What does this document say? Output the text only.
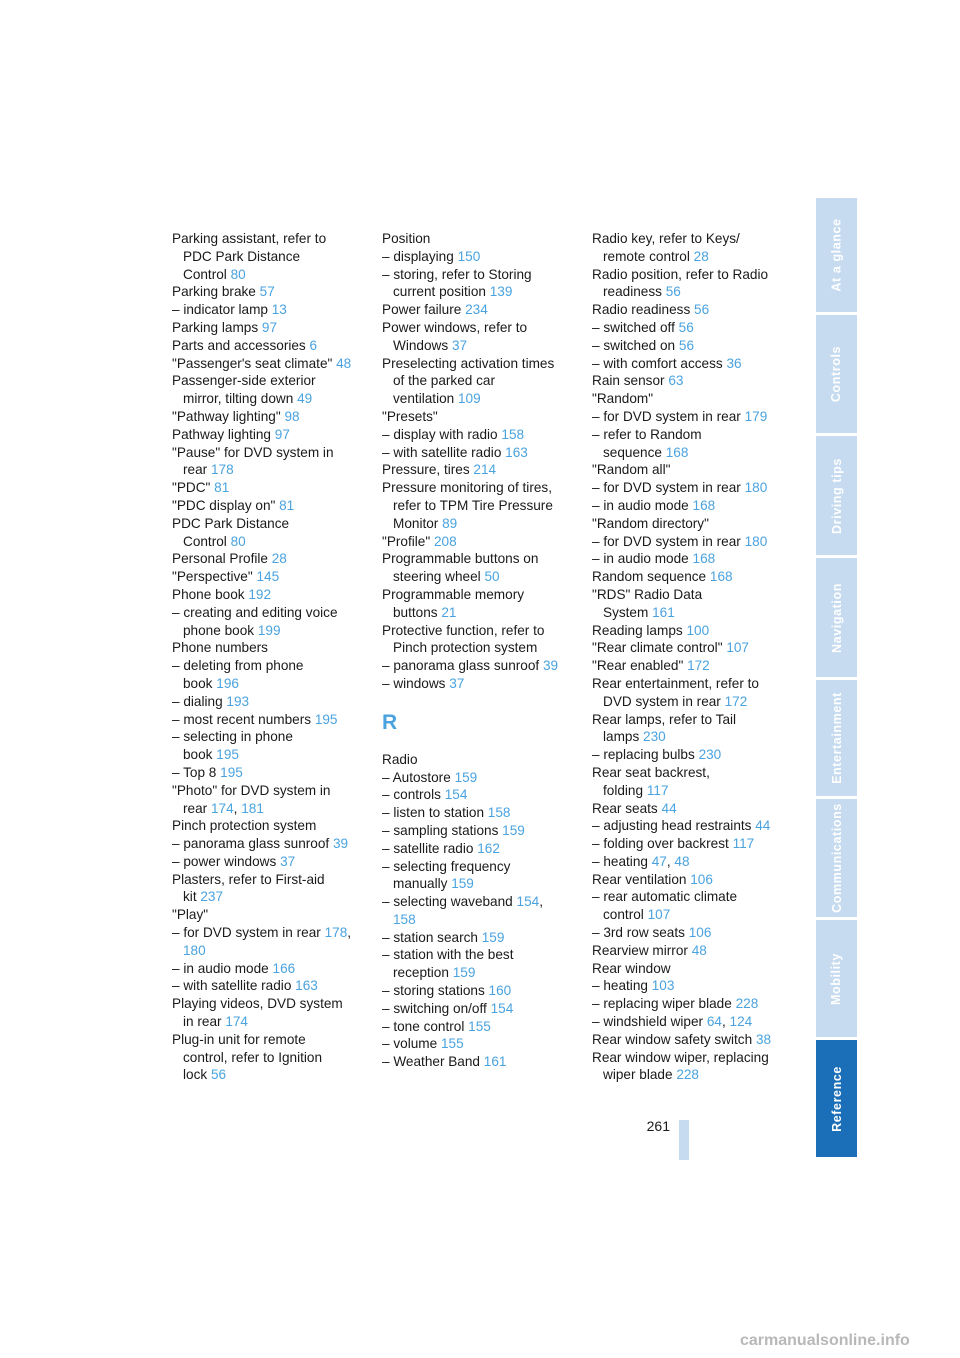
Parking assistant, refer to PDC Park Distance Control 80
Parking brake 57
– indicator lamp 13
Parking lamps 97
Parts and accessories 6
"Passenger's seat climate" 48
Passenger-side exterior mirror, tilting down 49
"Pathway lighting" 98
Pathway lighting 97
"Pause" for DVD system in rear 178
"PDC" 81
"PDC display on" 81
PDC Park Distance Control 80
Personal Profile 28
"Perspective" 145
Phone book 192
– creating and editing voice phone book 199
Phone numbers
– deleting from phone book 196
– dialing 193
– most recent numbers 195
– selecting in phone book 195
– Top 8 195
"Photo" for DVD system in rear 174, 181
Pinch protection system
– panorama glass sunroof 39
– power windows 37
Plasters, refer to First-aid kit 237
"Play"
– for DVD system in rear 178, 180
– in audio mode 166
– with satellite radio 163
Playing videos, DVD system in rear 174
Plug-in unit for remote control, refer to Ignition lock 56
Position
– displaying 150
– storing, refer to Storing current position 139
Power failure 234
Power windows, refer to Windows 37
Preselecting activation times of the parked car ventilation 109
"Presets"
– display with radio 158
– with satellite radio 163
Pressure, tires 214
Pressure monitoring of tires, refer to TPM Tire Pressure Monitor 89
"Profile" 208
Programmable buttons on steering wheel 50
Programmable memory buttons 21
Protective function, refer to Pinch protection system
– panorama glass sunroof 39
– windows 37
R
Radio
– Autostore 159
– controls 154
– listen to station 158
– sampling stations 159
– satellite radio 162
– selecting frequency manually 159
– selecting waveband 154, 158
– station search 159
– station with the best reception 159
– storing stations 160
– switching on/off 154
– tone control 155
– volume 155
– Weather Band 161
Radio key, refer to Keys/ remote control 28
Radio position, refer to Radio readiness 56
Radio readiness 56
– switched off 56
– switched on 56
– with comfort access 36
Rain sensor 63
"Random"
– for DVD system in rear 179
– refer to Random sequence 168
"Random all"
– for DVD system in rear 180
– in audio mode 168
"Random directory"
– for DVD system in rear 180
– in audio mode 168
Random sequence 168
"RDS" Radio Data System 161
Reading lamps 100
"Rear climate control" 107
"Rear enabled" 172
Rear entertainment, refer to DVD system in rear 172
Rear lamps, refer to Tail lamps 230
– replacing bulbs 230
Rear seat backrest, folding 117
Rear seats 44
– adjusting head restraints 44
– folding over backrest 117
– heating 47, 48
Rear ventilation 106
– rear automatic climate control 107
– 3rd row seats 106
Rearview mirror 48
Rear window
– heating 103
– replacing wiper blade 228
– windshield wiper 64, 124
Rear window safety switch 38
Rear window wiper, replacing wiper blade 228
261
At a glance
Controls
Driving tips
Navigation
Entertainment
Communications
Mobility
Reference
carmanualsonline.info
